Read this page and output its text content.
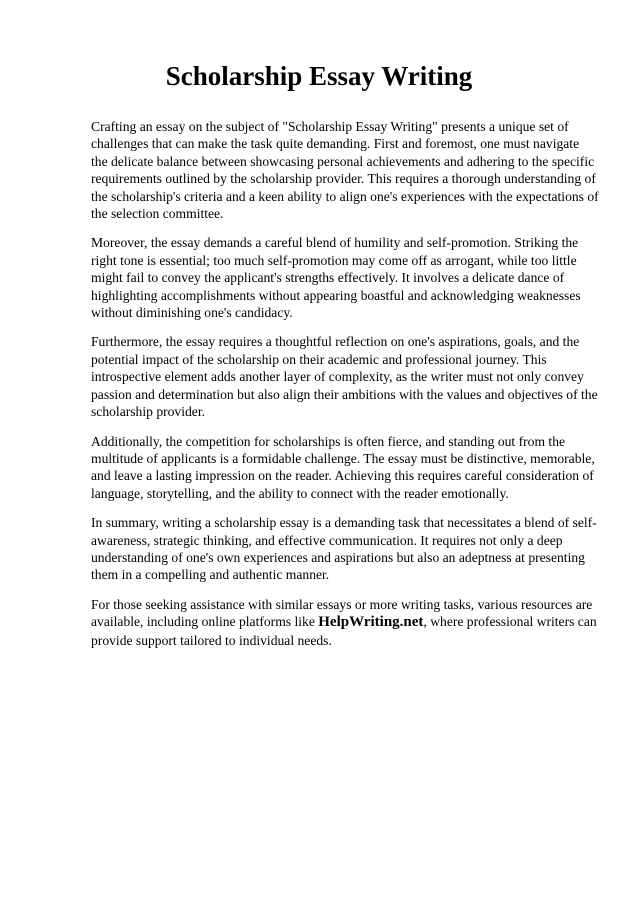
Scholarship Essay Writing

Crafting an essay on the subject of "Scholarship Essay Writing" presents a unique set of challenges that can make the task quite demanding. First and foremost, one must navigate the delicate balance between showcasing personal achievements and adhering to the specific requirements outlined by the scholarship provider. This requires a thorough understanding of the scholarship's criteria and a keen ability to align one's experiences with the expectations of the selection committee.

Moreover, the essay demands a careful blend of humility and self-promotion. Striking the right tone is essential; too much self-promotion may come off as arrogant, while too little might fail to convey the applicant's strengths effectively. It involves a delicate dance of highlighting accomplishments without appearing boastful and acknowledging weaknesses without diminishing one's candidacy.

Furthermore, the essay requires a thoughtful reflection on one's aspirations, goals, and the potential impact of the scholarship on their academic and professional journey. This introspective element adds another layer of complexity, as the writer must not only convey passion and determination but also align their ambitions with the values and objectives of the scholarship provider.

Additionally, the competition for scholarships is often fierce, and standing out from the multitude of applicants is a formidable challenge. The essay must be distinctive, memorable, and leave a lasting impression on the reader. Achieving this requires careful consideration of language, storytelling, and the ability to connect with the reader emotionally.

In summary, writing a scholarship essay is a demanding task that necessitates a blend of self-awareness, strategic thinking, and effective communication. It requires not only a deep understanding of one's own experiences and aspirations but also an adeptness at presenting them in a compelling and authentic manner.

For those seeking assistance with similar essays or more writing tasks, various resources are available, including online platforms like HelpWriting.net, where professional writers can provide support tailored to individual needs.
